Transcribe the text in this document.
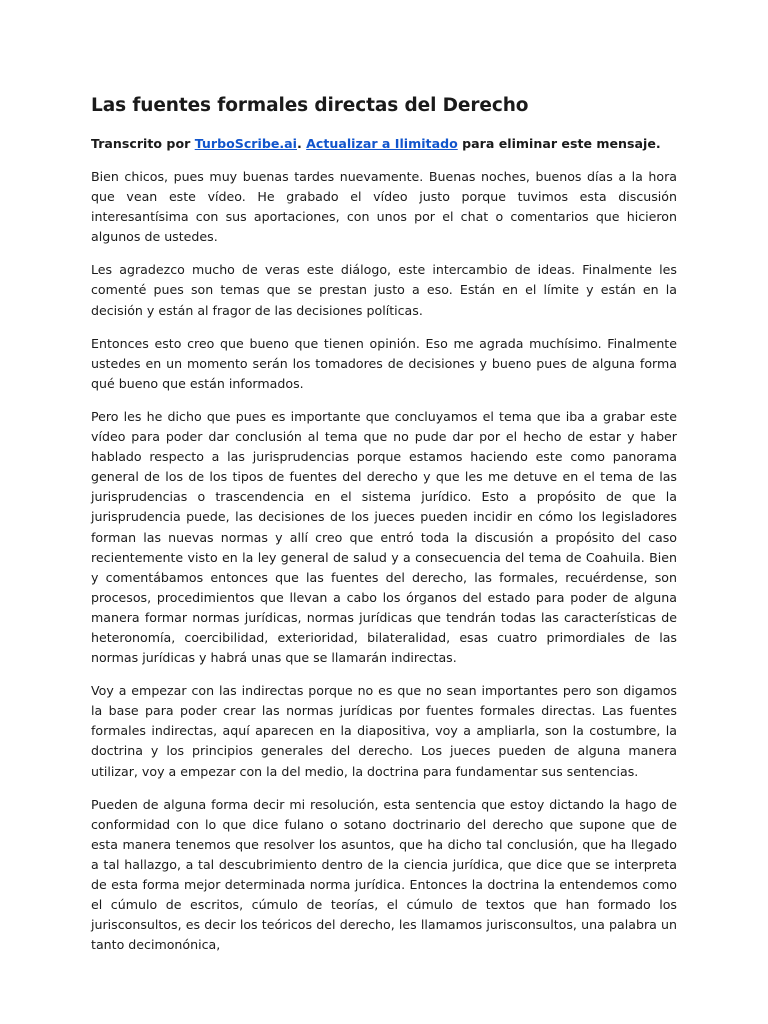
Las fuentes formales directas del Derecho

Transcrito por TurboScribe.ai. Actualizar a Ilimitado para eliminar este mensaje.

Bien chicos, pues muy buenas tardes nuevamente. Buenas noches, buenos días a la hora que vean este vídeo. He grabado el vídeo justo porque tuvimos esta discusión interesantísima con sus aportaciones, con unos por el chat o comentarios que hicieron algunos de ustedes.

Les agradezco mucho de veras este diálogo, este intercambio de ideas. Finalmente les comenté pues son temas que se prestan justo a eso. Están en el límite y están en la decisión y están al fragor de las decisiones políticas.

Entonces esto creo que bueno que tienen opinión. Eso me agrada muchísimo. Finalmente ustedes en un momento serán los tomadores de decisiones y bueno pues de alguna forma qué bueno que están informados.

Pero les he dicho que pues es importante que concluyamos el tema que iba a grabar este vídeo para poder dar conclusión al tema que no pude dar por el hecho de estar y haber hablado respecto a las jurisprudencias porque estamos haciendo este como panorama general de los de los tipos de fuentes del derecho y que les me detuve en el tema de las jurisprudencias o trascendencia en el sistema jurídico. Esto a propósito de que la jurisprudencia puede, las decisiones de los jueces pueden incidir en cómo los legisladores forman las nuevas normas y allí creo que entró toda la discusión a propósito del caso recientemente visto en la ley general de salud y a consecuencia del tema de Coahuila. Bien y comentábamos entonces que las fuentes del derecho, las formales, recuérdense, son procesos, procedimientos que llevan a cabo los órganos del estado para poder de alguna manera formar normas jurídicas, normas jurídicas que tendrán todas las características de heteronomía, coercibilidad, exterioridad, bilateralidad, esas cuatro primordiales de las normas jurídicas y habrá unas que se llamarán indirectas.

Voy a empezar con las indirectas porque no es que no sean importantes pero son digamos la base para poder crear las normas jurídicas por fuentes formales directas. Las fuentes formales indirectas, aquí aparecen en la diapositiva, voy a ampliarla, son la costumbre, la doctrina y los principios generales del derecho. Los jueces pueden de alguna manera utilizar, voy a empezar con la del medio, la doctrina para fundamentar sus sentencias.

Pueden de alguna forma decir mi resolución, esta sentencia que estoy dictando la hago de conformidad con lo que dice fulano o sotano doctrinario del derecho que supone que de esta manera tenemos que resolver los asuntos, que ha dicho tal conclusión, que ha llegado a tal hallazgo, a tal descubrimiento dentro de la ciencia jurídica, que dice que se interpreta de esta forma mejor determinada norma jurídica. Entonces la doctrina la entendemos como el cúmulo de escritos, cúmulo de teorías, el cúmulo de textos que han formado los jurisconsultos, es decir los teóricos del derecho, les llamamos jurisconsultos, una palabra un tanto decimonónica,
